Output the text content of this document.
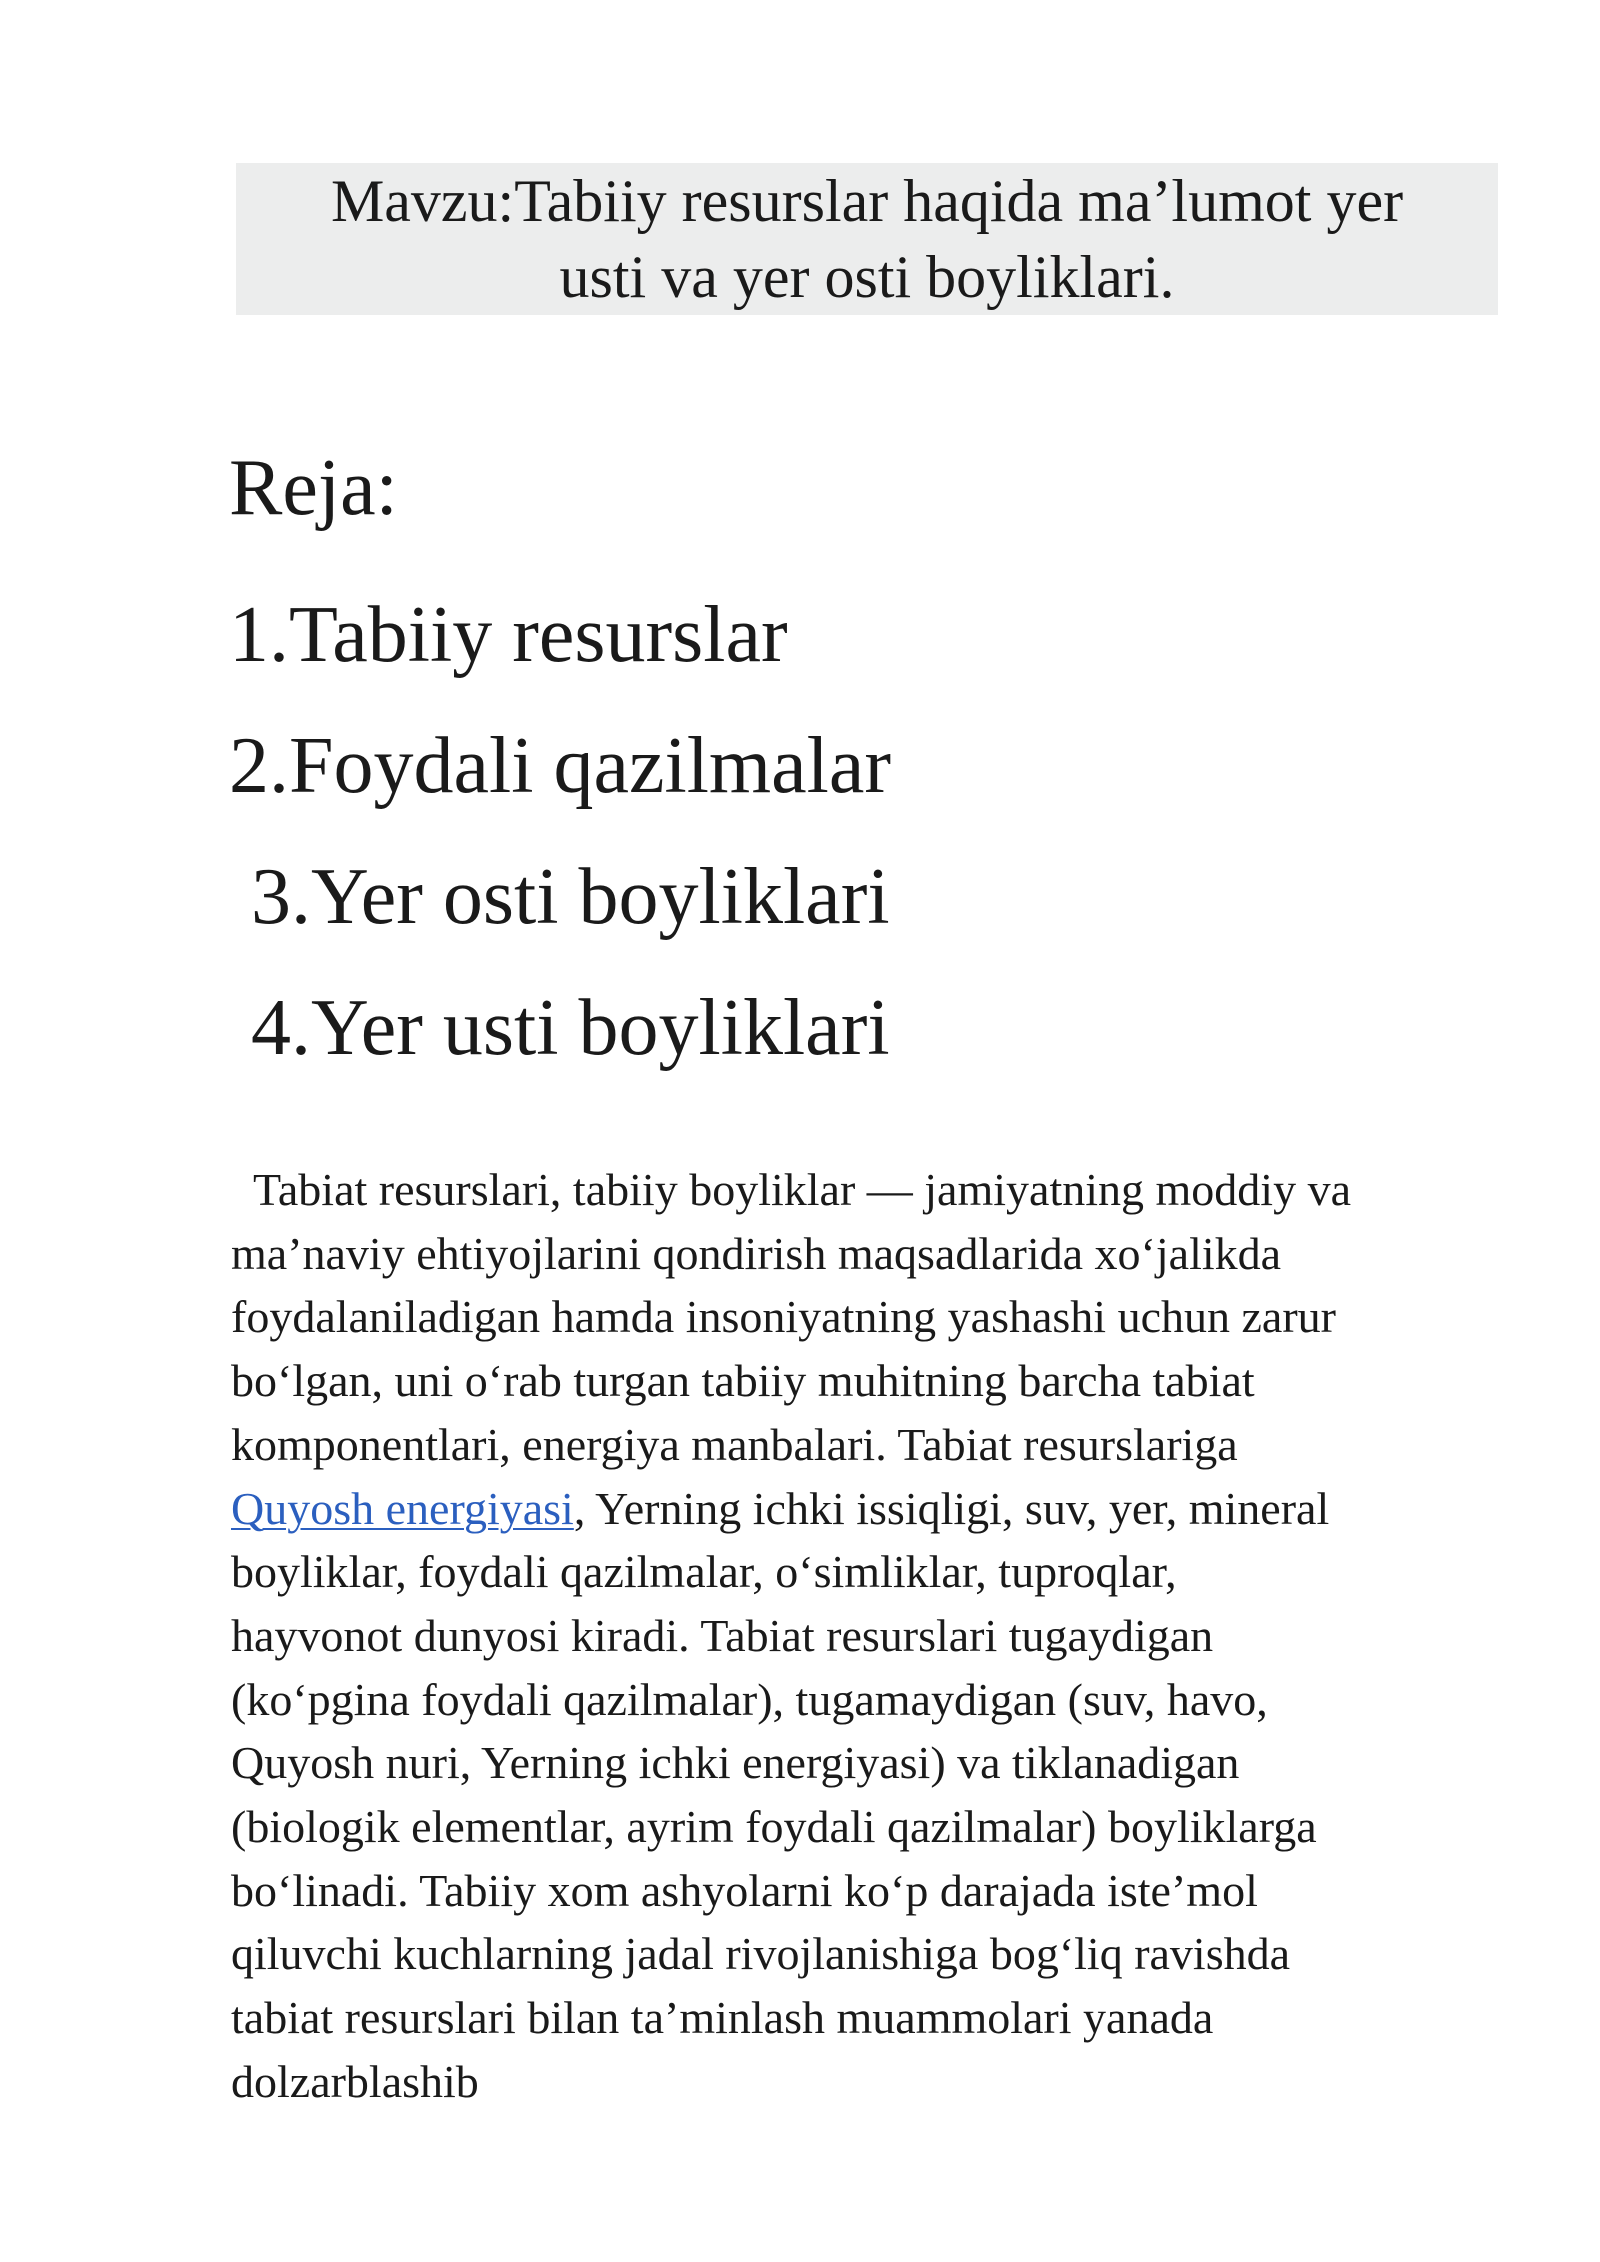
Mavzu:Tabiiy resurslar haqida ma’lumot yer
usti va yer osti boyliklari.
Reja:
1.Tabiiy resurslar
2.Foydali qazilmalar
3.Yer osti boyliklari
4.Yer usti boyliklari
Tabiat resurslari, tabiiy boyliklar — jamiyatning moddiy va
ma’naviy ehtiyojlarini qondirish maqsadlarida xo‘jalikda
foydalaniladigan hamda insoniyatning yashashi uchun zarur
bo‘lgan, uni o‘rab turgan tabiiy muhitning barcha tabiat
komponentlari, energiya manbalari. Tabiat resurslariga
Quyosh energiyasi, Yerning ichki issiqligi, suv, yer, mineral
boyliklar, foydali qazilmalar, o‘simliklar, tuproqlar,
hayvonot dunyosi kiradi. Tabiat resurslari tugaydigan
(ko‘pgina foydali qazilmalar), tugamaydigan (suv, havo,
Quyosh nuri, Yerning ichki energiyasi) va tiklanadigan
(biologik elementlar, ayrim foydali qazilmalar) boyliklarga
bo‘linadi. Tabiiy xom ashyolarni ko‘p darajada iste’mol
qiluvchi kuchlarning jadal rivojlanishiga bog‘liq ravishda
tabiat resurslari bilan ta’minlash muammolari yanada
dolzarblashib
